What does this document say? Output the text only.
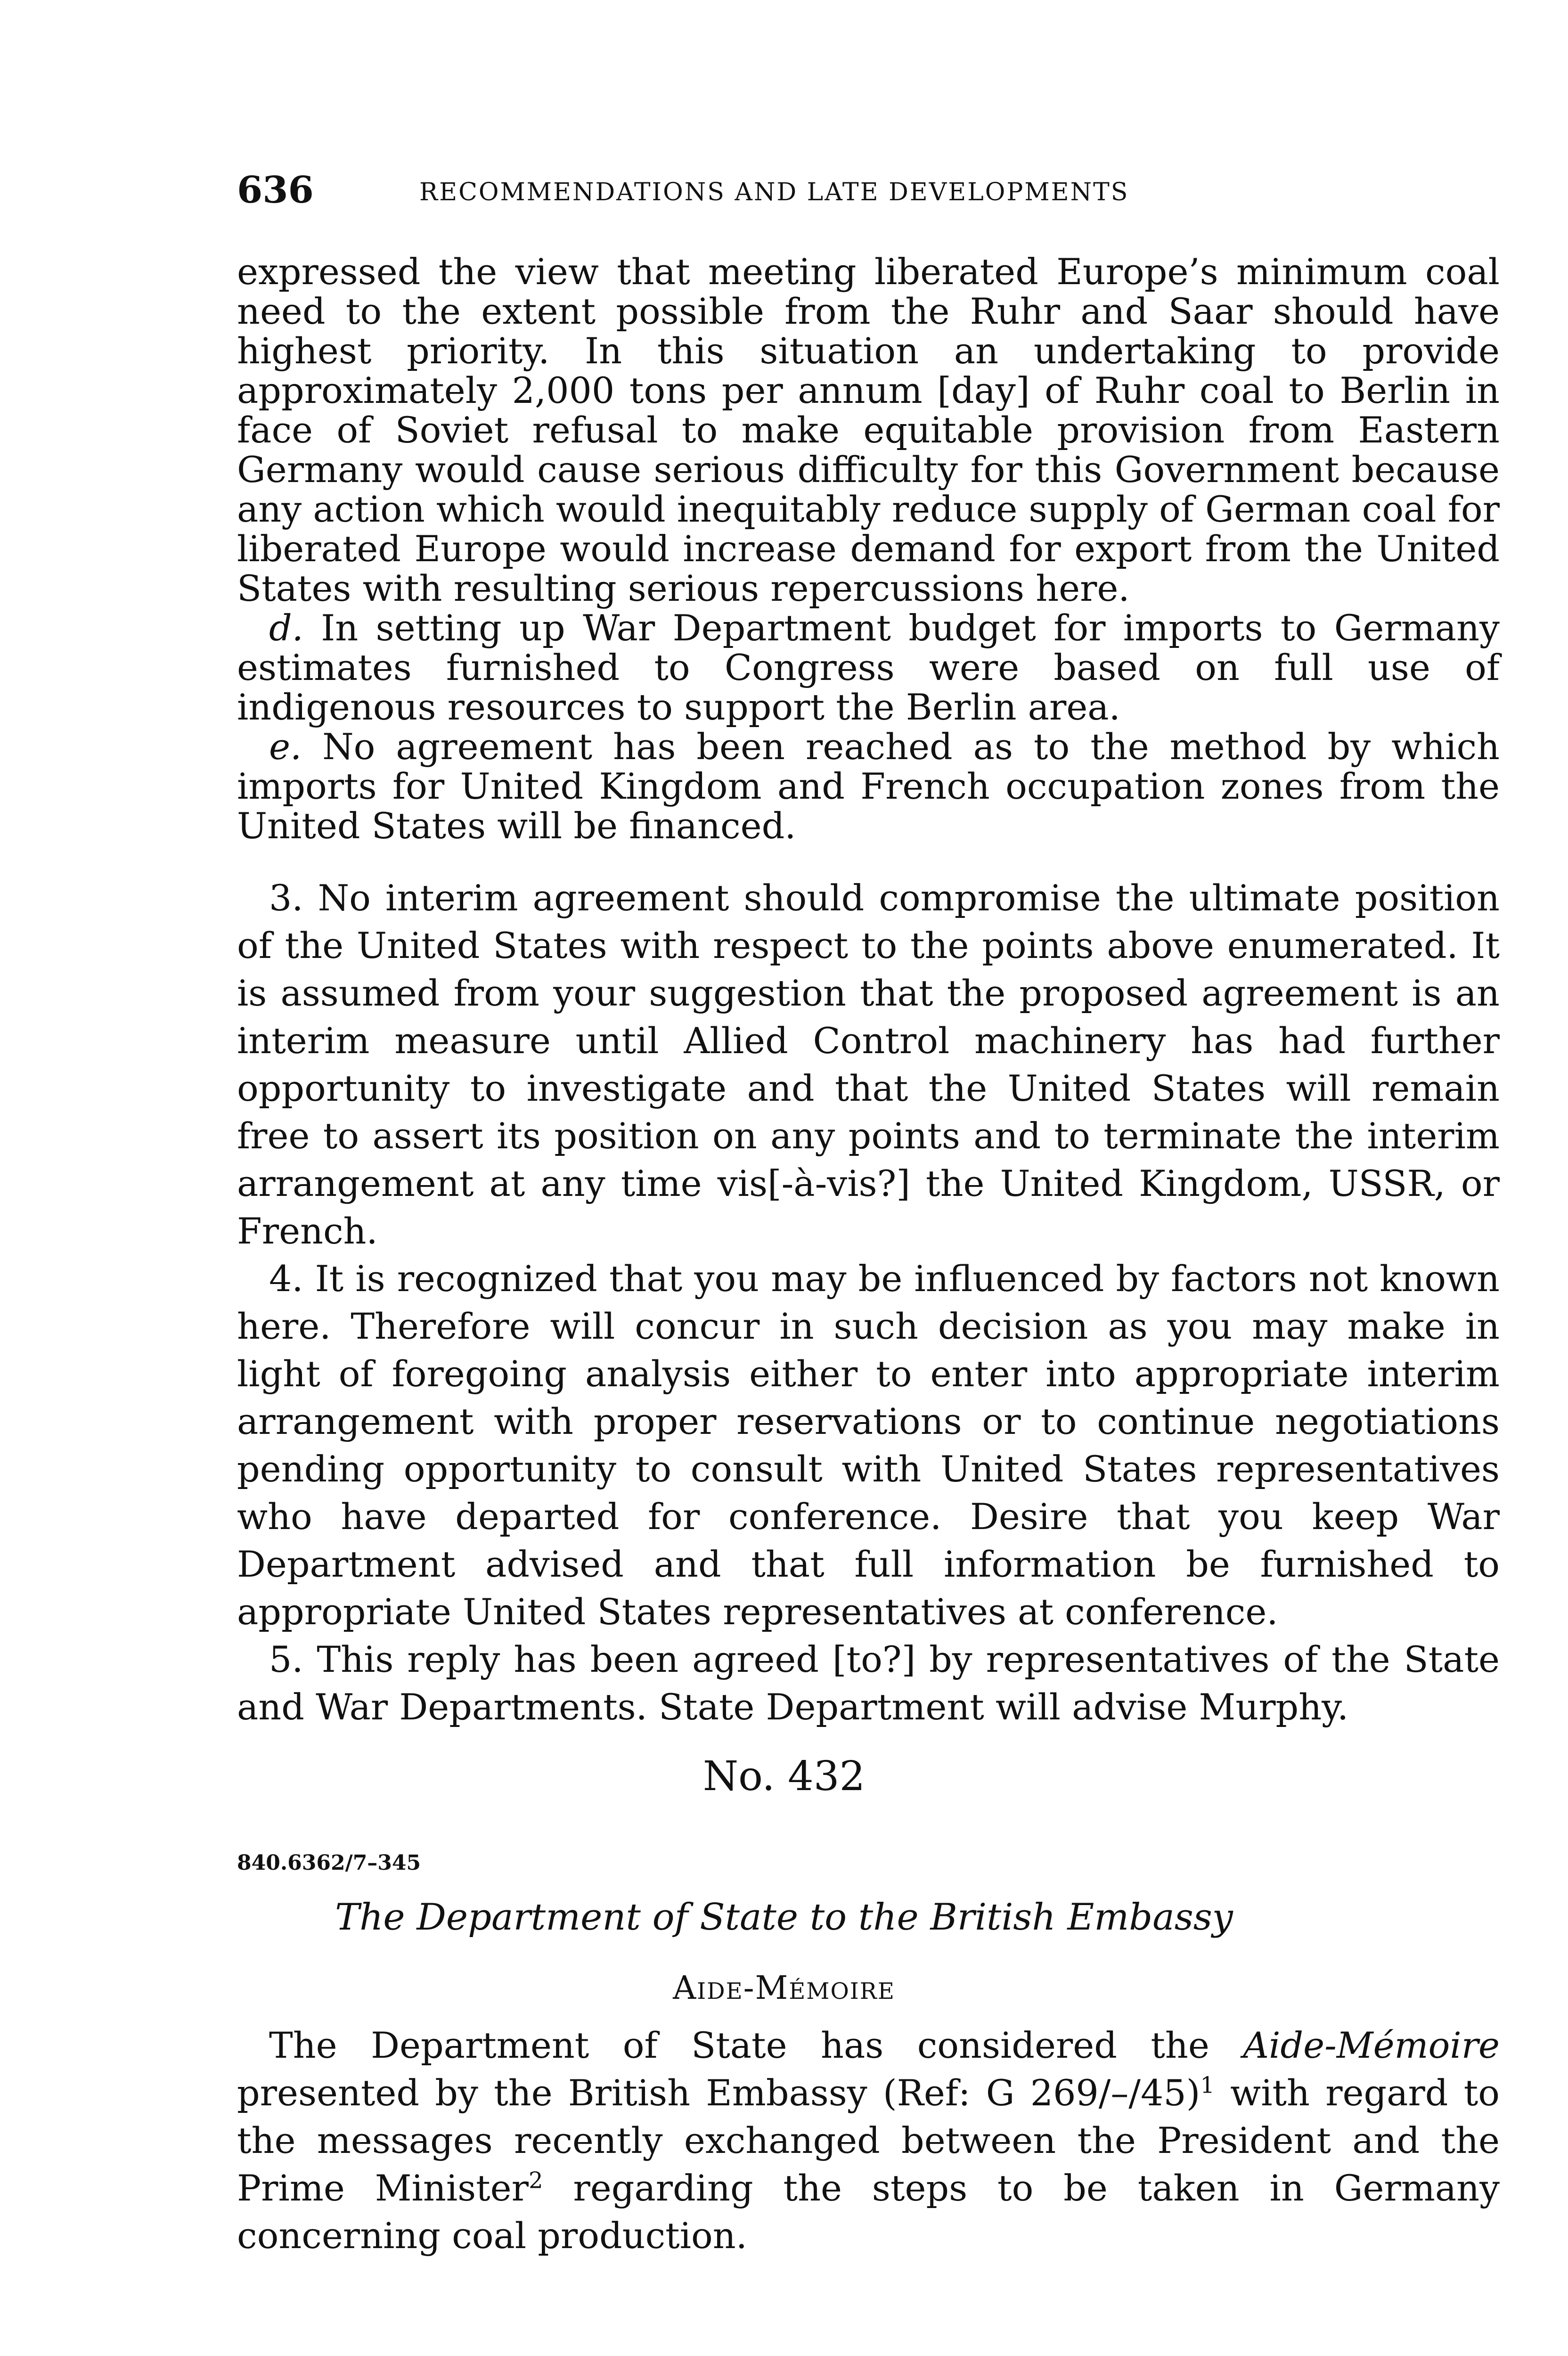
636	RECOMMENDATIONS AND LATE DEVELOPMENTS

expressed the view that meeting liberated Europe’s minimum coal need to the extent possible from the Ruhr and Saar should have highest priority. In this situation an undertaking to provide approximately 2,000 tons per annum [day] of Ruhr coal to Berlin in face of Soviet refusal to make equitable provision from Eastern Germany would cause serious difficulty for this Government because any action which would inequitably reduce supply of German coal for liberated Europe would increase demand for export from the United States with resulting serious repercussions here.

d. In setting up War Department budget for imports to Germany estimates furnished to Congress were based on full use of indigenous resources to support the Berlin area.

e. No agreement has been reached as to the method by which imports for United Kingdom and French occupation zones from the United States will be financed.

3. No interim agreement should compromise the ultimate position of the United States with respect to the points above enumerated. It is assumed from your suggestion that the proposed agreement is an interim measure until Allied Control machinery has had further opportunity to investigate and that the United States will remain free to assert its position on any points and to terminate the interim arrangement at any time vis[-à-vis?] the United Kingdom, USSR, or French.

4. It is recognized that you may be influenced by factors not known here. Therefore will concur in such decision as you may make in light of foregoing analysis either to enter into appropriate interim arrangement with proper reservations or to continue negotiations pending opportunity to consult with United States representatives who have departed for conference. Desire that you keep War Department advised and that full information be furnished to appropriate United States representatives at conference.

5. This reply has been agreed [to?] by representatives of the State and War Departments. State Department will advise Murphy.

No. 432
840.6362/7–345
The Department of State to the British Embassy
Aide-Mémoire

The Department of State has considered the Aide-Mémoire presented by the British Embassy (Ref: G 269/–/45)$^1$ with regard to the messages recently exchanged between the President and the Prime Minister$^2$ regarding the steps to be taken in Germany concerning coal production.
